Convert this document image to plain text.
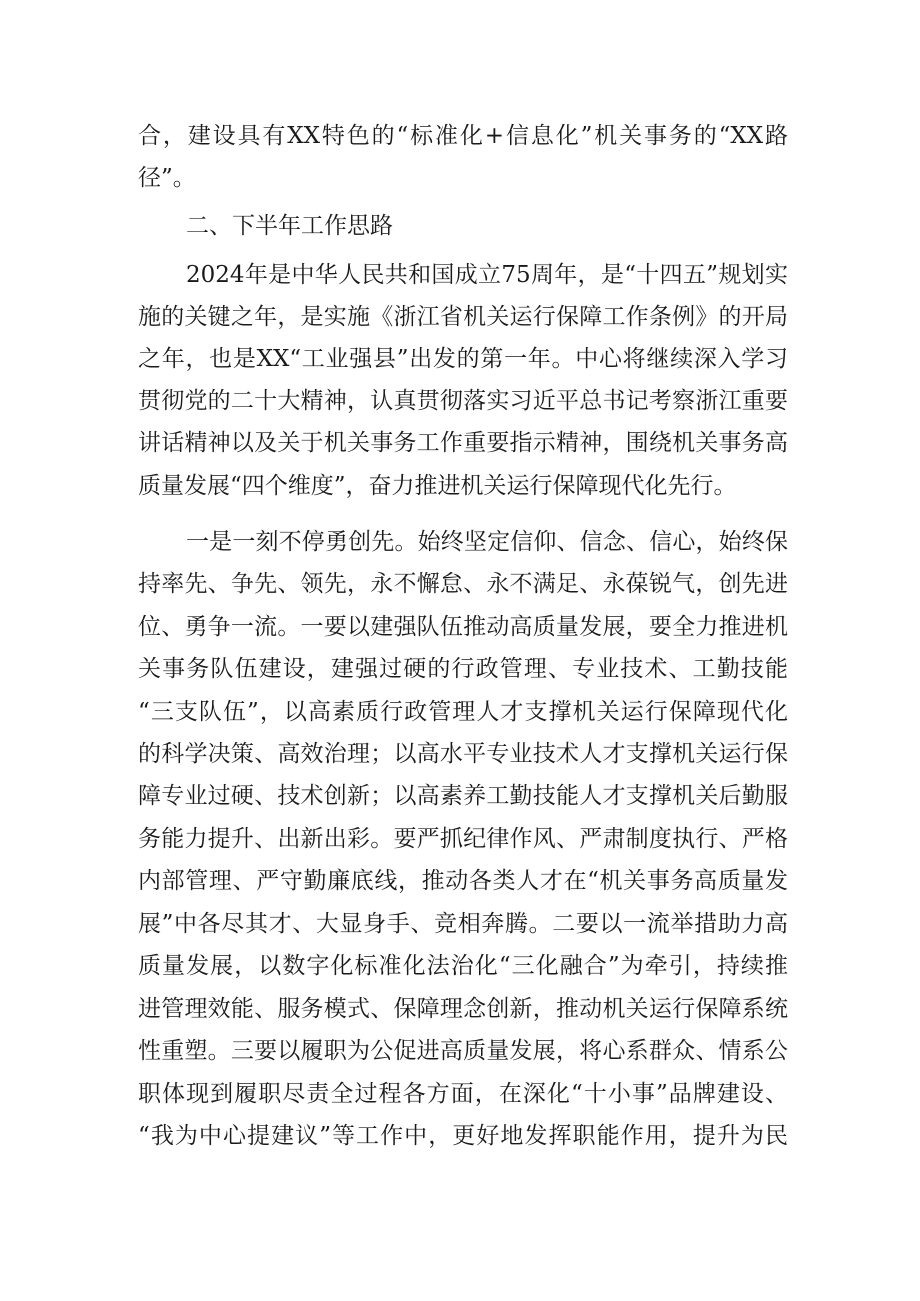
合，建设具有XX特色的“标准化+信息化”机关事务的“XX路
径”。
二、下半年工作思路
2024年是中华人民共和国成立75周年，是“十四五”规划实
施的关键之年，是实施《浙江省机关运行保障工作条例》的开局
之年，也是XX“工业强县”出发的第一年。中心将继续深入学习
贯彻党的二十大精神，认真贯彻落实习近平总书记考察浙江重要
讲话精神以及关于机关事务工作重要指示精神，围绕机关事务高
质量发展“四个维度”，奋力推进机关运行保障现代化先行。
一是一刻不停勇创先。始终坚定信仰、信念、信心，始终保
持率先、争先、领先，永不懈怠、永不满足、永葆锐气，创先进
位、勇争一流。一要以建强队伍推动高质量发展，要全力推进机
关事务队伍建设，建强过硬的行政管理、专业技术、工勤技能
“三支队伍”，以高素质行政管理人才支撑机关运行保障现代化
的科学决策、高效治理；以高水平专业技术人才支撑机关运行保
障专业过硬、技术创新；以高素养工勤技能人才支撑机关后勤服
务能力提升、出新出彩。要严抓纪律作风、严肃制度执行、严格
内部管理、严守勤廉底线，推动各类人才在“机关事务高质量发
展”中各尽其才、大显身手、竞相奔腾。二要以一流举措助力高
质量发展，以数字化标准化法治化“三化融合”为牵引，持续推
进管理效能、服务模式、保障理念创新，推动机关运行保障系统
性重塑。三要以履职为公促进高质量发展，将心系群众、情系公
职体现到履职尽责全过程各方面，在深化“十小事”品牌建设、
“我为中心提建议”等工作中，更好地发挥职能作用，提升为民
